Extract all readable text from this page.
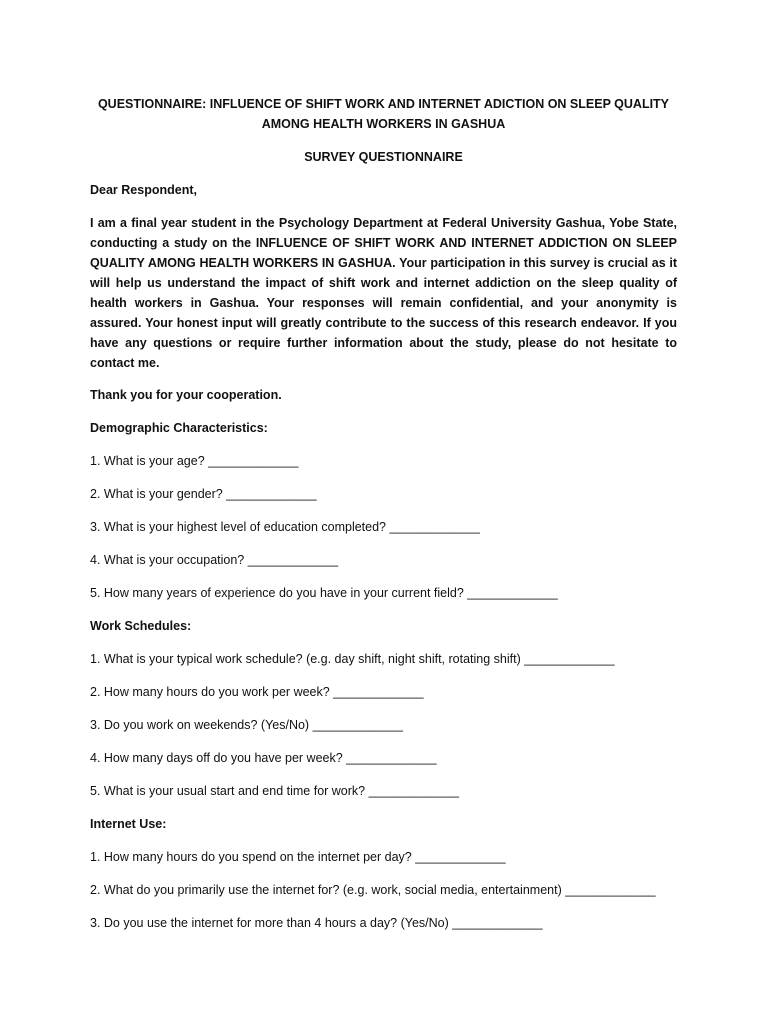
QUESTIONNAIRE: INFLUENCE OF SHIFT WORK AND INTERNET ADICTION ON SLEEP QUALITY AMONG HEALTH WORKERS IN GASHUA

SURVEY QUESTIONNAIRE

Dear Respondent,

I am a final year student in the Psychology Department at Federal University Gashua, Yobe State, conducting a study on the INFLUENCE OF SHIFT WORK AND INTERNET ADDICTION ON SLEEP QUALITY AMONG HEALTH WORKERS IN GASHUA. Your participation in this survey is crucial as it will help us understand the impact of shift work and internet addiction on the sleep quality of health workers in Gashua. Your responses will remain confidential, and your anonymity is assured. Your honest input will greatly contribute to the success of this research endeavor. If you have any questions or require further information about the study, please do not hesitate to contact me.

Thank you for your cooperation.

Demographic Characteristics:

1. What is your age? _____________

2. What is your gender? _____________

3. What is your highest level of education completed? _____________

4. What is your occupation? _____________

5. How many years of experience do you have in your current field? _____________

Work Schedules:

1. What is your typical work schedule? (e.g. day shift, night shift, rotating shift) _____________

2. How many hours do you work per week? _____________

3. Do you work on weekends? (Yes/No) _____________

4. How many days off do you have per week? _____________

5. What is your usual start and end time for work? _____________

Internet Use:

1. How many hours do you spend on the internet per day? _____________

2. What do you primarily use the internet for? (e.g. work, social media, entertainment) _____________

3. Do you use the internet for more than 4 hours a day? (Yes/No) _____________
